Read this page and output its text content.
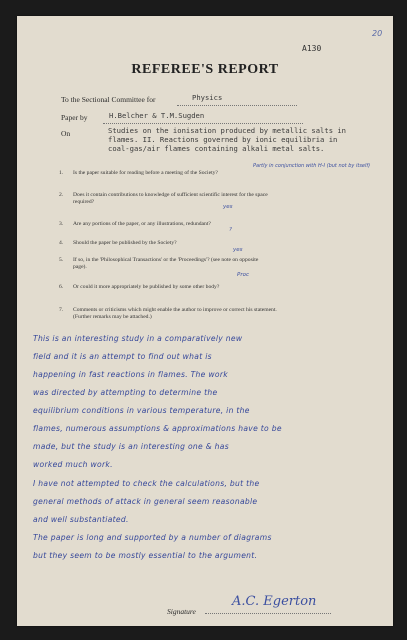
20
A130
REFEREE'S REPORT
To the Sectional Committee for	Physics
Paper by	H.Belcher & T.M.Sugden
On	Studies on the ionisation produced by metallic salts in
flames. II. Reactions governed by ionic equilibria in
coal-gas/air flames containing alkali metal salts.
1. Is the paper suitable for reading before a meeting of the Society?
Partly in conjunction with H-I (but not by itself)
2. Does it contain contributions to knowledge of sufficient scientific interest for the space
required?
yes
3. Are any portions of the paper, or any illustrations, redundant?
?
4. Should the paper be published by the Society?
yes
5. If so, in the 'Philosophical Transactions' or the 'Proceedings'? (see note on opposite
page).
Proc
6. Or could it more appropriately be published by some other body?
7. Comments or criticisms which might enable the author to improve or correct his statement.
(Further remarks may be attached.)
This is an interesting study in a comparatively new
field and it is an attempt to find out what is
happening in fast reactions in flames. The work
was directed by attempting to determine the
equilibrium conditions in various temperature, in the
flames, numerous assumptions & approximations have to be
made, but the study is an interesting one & has
worked much work.
I have not attempted to check the calculations, but the
general methods of attack in general seem reasonable
and well substantiated.
The paper is long and supported by a number of diagrams
but they seem to be mostly essential to the argument.
Signature
A.C. Egerton
